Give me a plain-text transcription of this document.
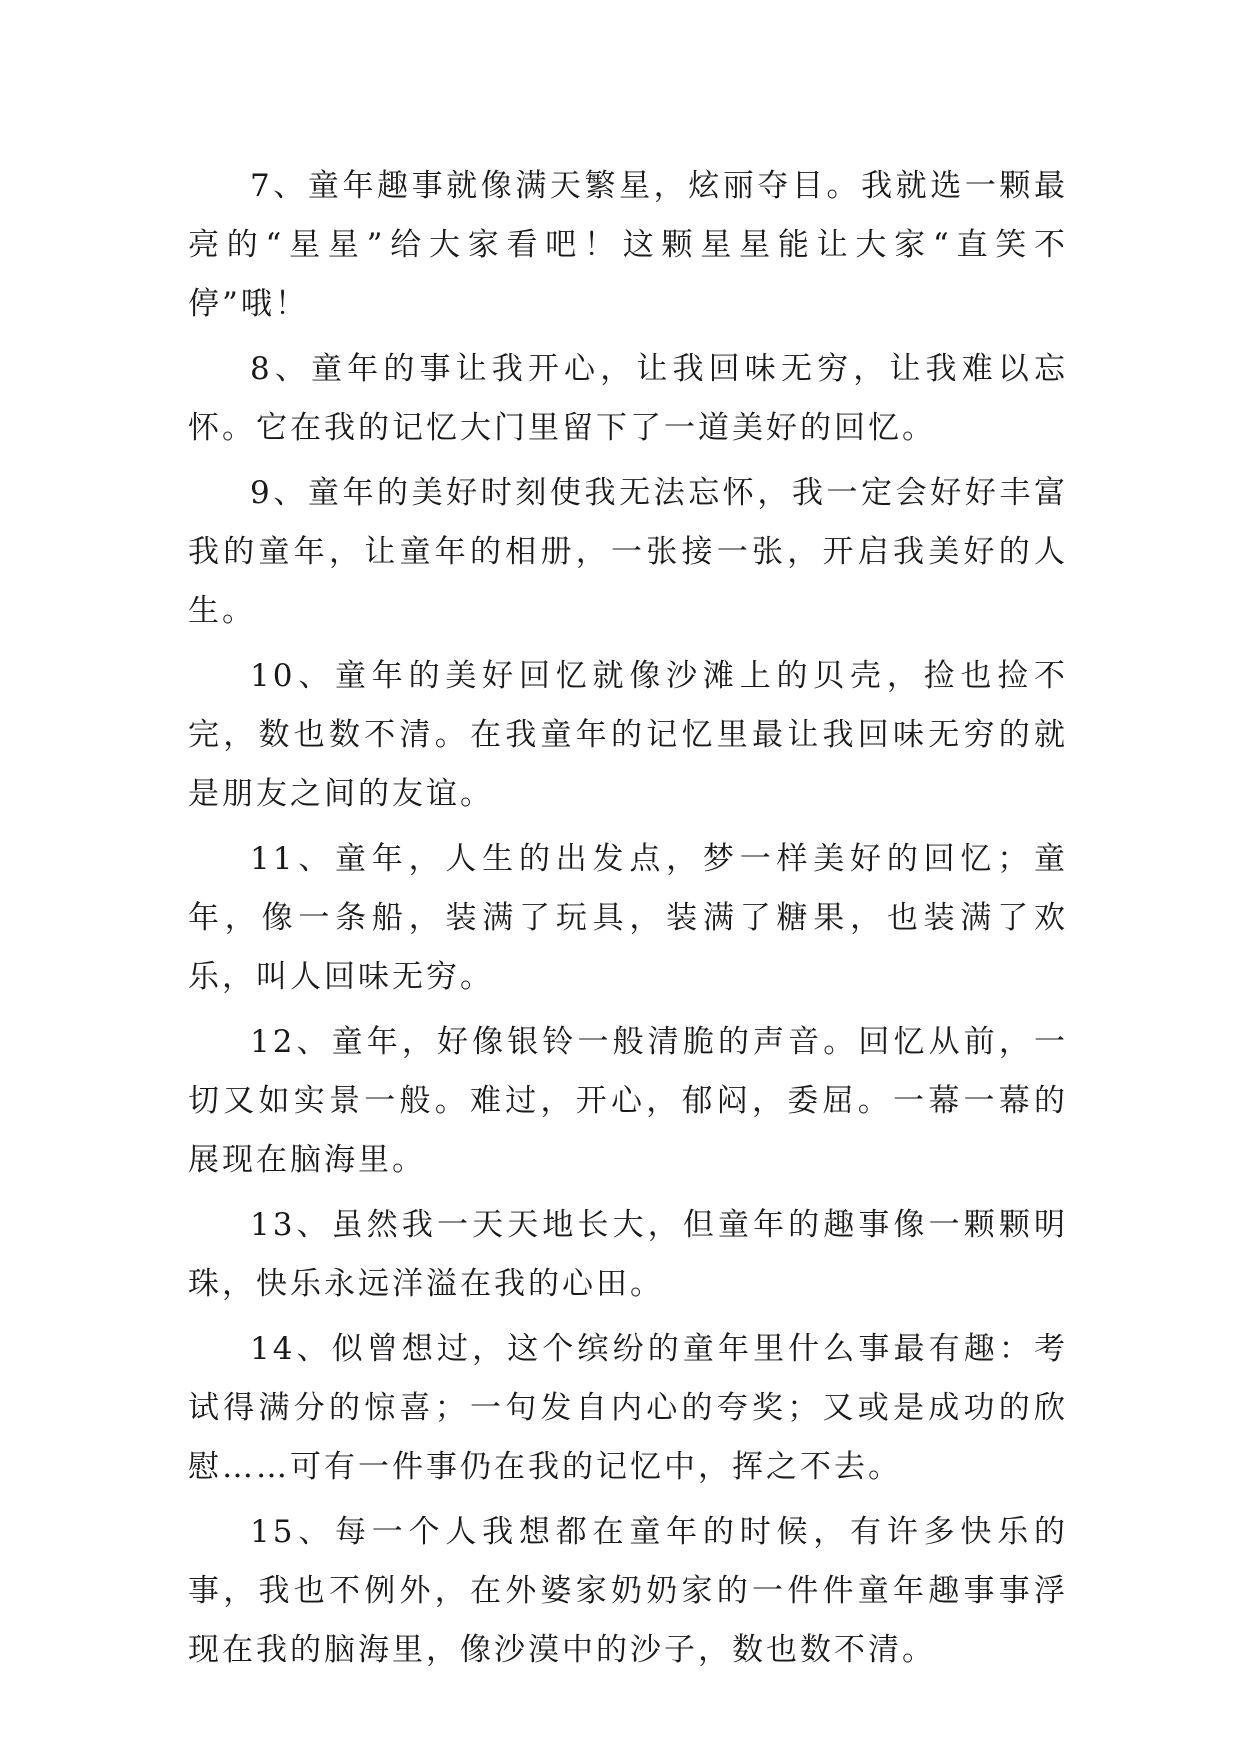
7、童年趣事就像满天繁星，炫丽夺目。我就选一颗最亮的“星星”给大家看吧！这颗星星能让大家“直笑不停”哦！

8、童年的事让我开心，让我回味无穷，让我难以忘怀。它在我的记忆大门里留下了一道美好的回忆。

9、童年的美好时刻使我无法忘怀，我一定会好好丰富我的童年，让童年的相册，一张接一张，开启我美好的人生。

10、童年的美好回忆就像沙滩上的贝壳，捡也捡不完，数也数不清。在我童年的记忆里最让我回味无穷的就是朋友之间的友谊。

11、童年，人生的出发点，梦一样美好的回忆；童年，像一条船，装满了玩具，装满了糖果，也装满了欢乐，叫人回味无穷。

12、童年，好像银铃一般清脆的声音。回忆从前，一切又如实景一般。难过，开心，郁闷，委屈。一幕一幕的展现在脑海里。

13、虽然我一天天地长大，但童年的趣事像一颗颗明珠，快乐永远洋溢在我的心田。

14、似曾想过，这个缤纷的童年里什么事最有趣：考试得满分的惊喜；一句发自内心的夸奖；又或是成功的欣慰……可有一件事仍在我的记忆中，挥之不去。

15、每一个人我想都在童年的时候，有许多快乐的事，我也不例外，在外婆家奶奶家的一件件童年趣事事浮现在我的脑海里，像沙漠中的沙子，数也数不清。
